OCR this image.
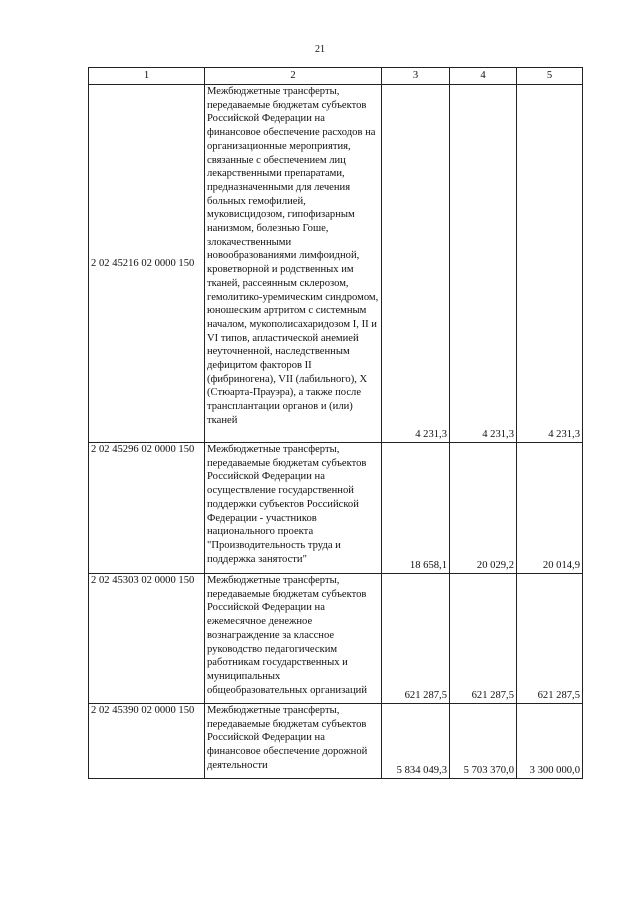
21
1	2	3	4	5
2 02 45216 02 0000 150	Межбюджетные трансферты, передаваемые бюджетам субъектов Российской Федерации на финансовое обеспечение расходов на организационные мероприятия, связанные с обеспечением лиц лекарственными препаратами, предназначенными для лечения больных гемофилией, муковисцидозом, гипофизарным нанизмом, болезнью Гоше, злокачественными новообразованиями лимфоидной, кроветворной и родственных им тканей, рассеянным склерозом, гемолитико-уремическим синдромом, юношеским артритом с системным началом, мукополисахаридозом I, II и VI типов, апластической анемией неуточненной, наследственным дефицитом факторов II (фибриногена), VII (лабильного), X (Стюарта-Прауэра), а также после трансплантации органов и (или) тканей	4 231,3	4 231,3	4 231,3
2 02 45296 02 0000 150	Межбюджетные трансферты, передаваемые бюджетам субъектов Российской Федерации на осуществление государственной поддержки субъектов Российской Федерации - участников национального проекта "Производительность труда и поддержка занятости"	18 658,1	20 029,2	20 014,9
2 02 45303 02 0000 150	Межбюджетные трансферты, передаваемые бюджетам субъектов Российской Федерации на ежемесячное денежное вознаграждение за классное руководство педагогическим работникам государственных и муниципальных общеобразовательных организаций	621 287,5	621 287,5	621 287,5
2 02 45390 02 0000 150	Межбюджетные трансферты, передаваемые бюджетам субъектов Российской Федерации на финансовое обеспечение дорожной деятельности	5 834 049,3	5 703 370,0	3 300 000,0
